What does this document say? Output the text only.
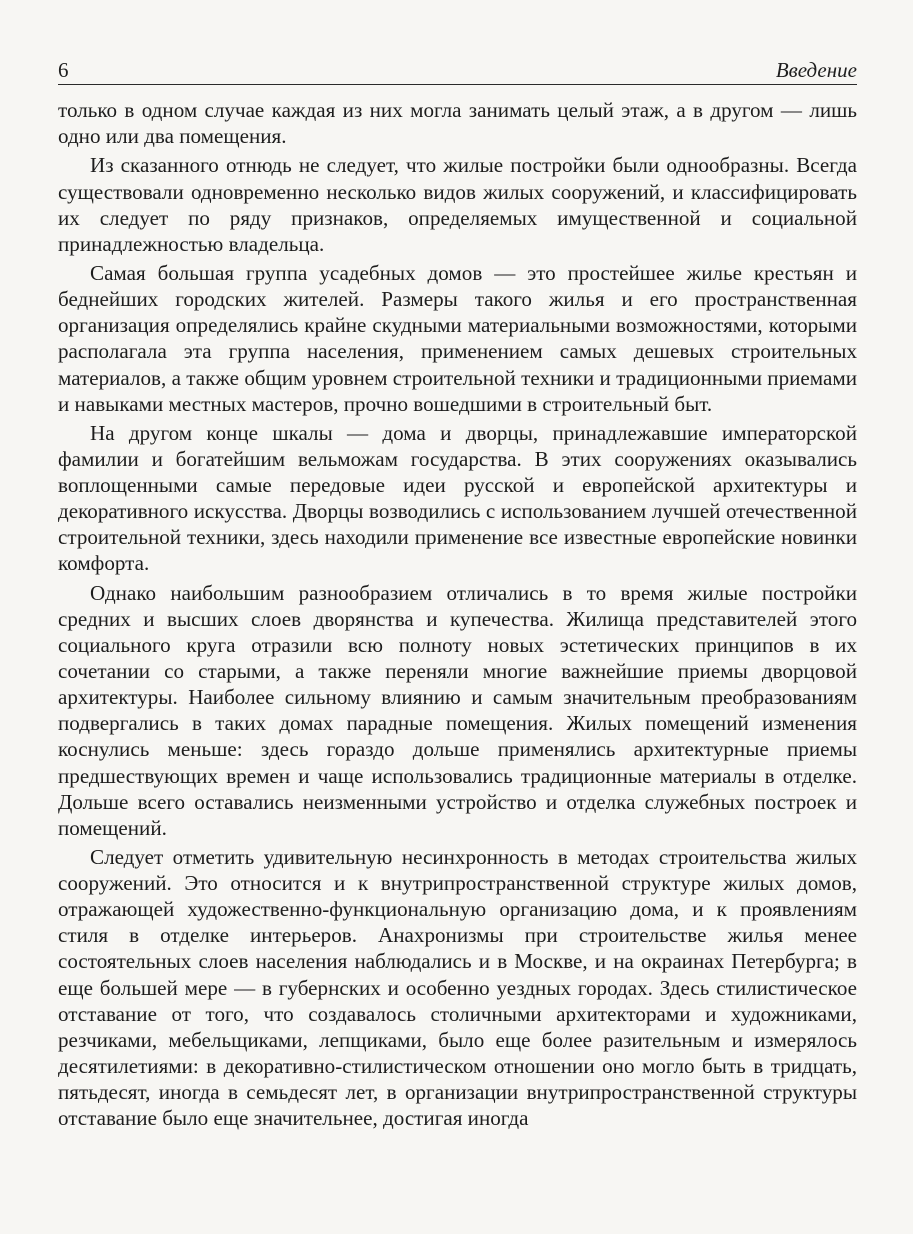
6	Введение

только в одном случае каждая из них могла занимать целый этаж, а в другом — лишь одно или два помещения.

Из сказанного отнюдь не следует, что жилые постройки были однообразны. Всегда существовали одновременно несколько видов жилых сооружений, и классифицировать их следует по ряду признаков, определяемых имущественной и социальной принадлежностью владельца.

Самая большая группа усадебных домов — это простейшее жилье крестьян и беднейших городских жителей. Размеры такого жилья и его пространственная организация определялись крайне скудными материальными возможностями, которыми располагала эта группа населения, применением самых дешевых строительных материалов, а также общим уровнем строительной техники и традиционными приемами и навыками местных мастеров, прочно вошедшими в строительный быт.

На другом конце шкалы — дома и дворцы, принадлежавшие императорской фамилии и богатейшим вельможам государства. В этих сооружениях оказывались воплощенными самые передовые идеи русской и европейской архитектуры и декоративного искусства. Дворцы возводились с использованием лучшей отечественной строительной техники, здесь находили применение все известные европейские новинки комфорта.

Однако наибольшим разнообразием отличались в то время жилые постройки средних и высших слоев дворянства и купечества. Жилища представителей этого социального круга отразили всю полноту новых эстетических принципов в их сочетании со старыми, а также переняли многие важнейшие приемы дворцовой архитектуры. Наиболее сильному влиянию и самым значительным преобразованиям подвергались в таких домах парадные помещения. Жилых помещений изменения коснулись меньше: здесь гораздо дольше применялись архитектурные приемы предшествующих времен и чаще использовались традиционные материалы в отделке. Дольше всего оставались неизменными устройство и отделка служебных построек и помещений.

Следует отметить удивительную несинхронность в методах строительства жилых сооружений. Это относится и к внутрипространственной структуре жилых домов, отражающей художественно-функциональную организацию дома, и к проявлениям стиля в отделке интерьеров. Анахронизмы при строительстве жилья менее состоятельных слоев населения наблюдались и в Москве, и на окраинах Петербурга; в еще большей мере — в губернских и особенно уездных городах. Здесь стилистическое отставание от того, что создавалось столичными архитекторами и художниками, резчиками, мебельщиками, лепщиками, было еще более разительным и измерялось десятилетиями: в декоративно-стилистическом отношении оно могло быть в тридцать, пятьдесят, иногда в семьдесят лет, в организации внутрипространственной структуры отставание было еще значительнее, достигая иногда
